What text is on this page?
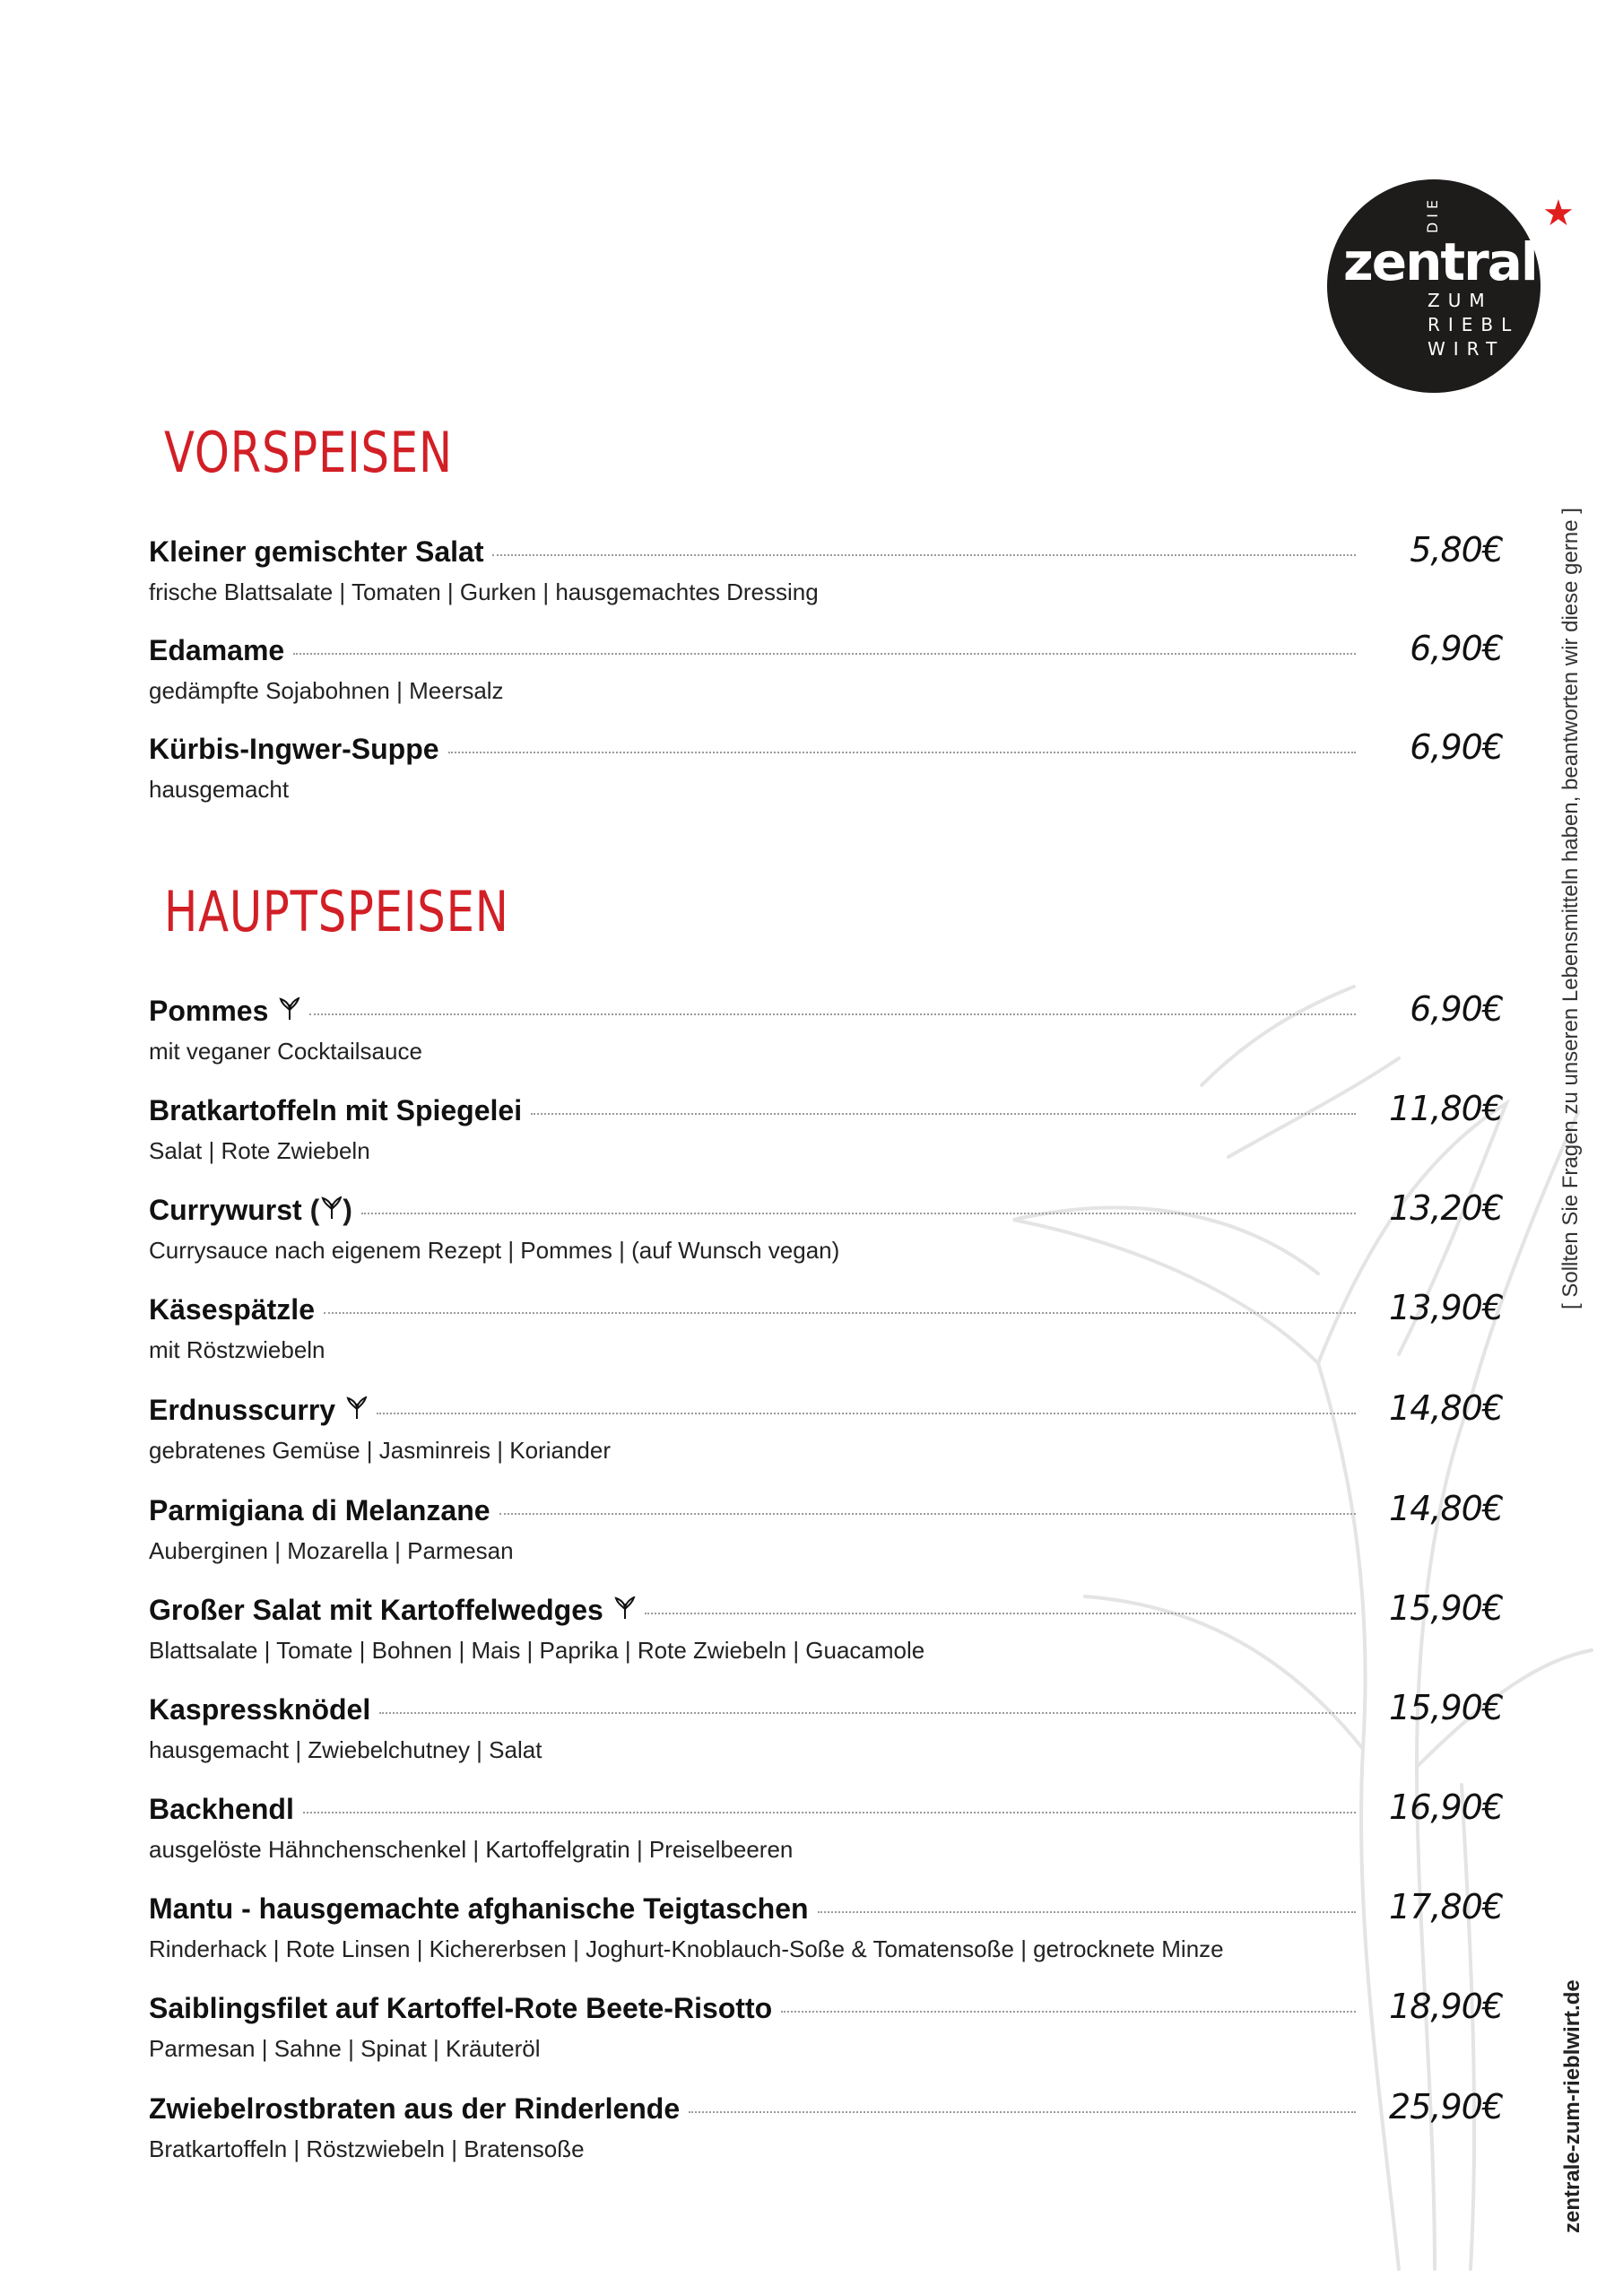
DIE
zentrale
ZUM RIEBL WIRT
★
[ Sollten Sie Fragen zu unseren Lebensmitteln haben, beantworten wir diese gerne ]
zentrale-zum-rieblwirt.de
VORSPEISEN
Kleiner gemischter Salat	5,80€
frische Blattsalate | Tomaten | Gurken | hausgemachtes Dressing
Edamame	6,90€
gedämpfte Sojabohnen | Meersalz
Kürbis-Ingwer-Suppe	6,90€
hausgemacht
HAUPTSPEISEN
Pommes	6,90€
mit veganer Cocktailsauce
Bratkartoffeln mit Spiegelei	11,80€
Salat | Rote Zwiebeln
Currywurst ( )	13,20€
Currysauce nach eigenem Rezept | Pommes | (auf Wunsch vegan)
Käsespätzle	13,90€
mit Röstzwiebeln
Erdnusscurry	14,80€
gebratenes Gemüse | Jasminreis | Koriander
Parmigiana di Melanzane	14,80€
Auberginen | Mozarella | Parmesan
Großer Salat mit Kartoffelwedges	15,90€
Blattsalate | Tomate | Bohnen | Mais | Paprika | Rote Zwiebeln | Guacamole
Kaspressknödel	15,90€
hausgemacht | Zwiebelchutney | Salat
Backhendl	16,90€
ausgelöste Hähnchenschenkel | Kartoffelgratin | Preiselbeeren
Mantu - hausgemachte afghanische Teigtaschen	17,80€
Rinderhack | Rote Linsen | Kichererbsen | Joghurt-Knoblauch-Soße & Tomatensoße | getrocknete Minze
Saiblingsfilet auf Kartoffel-Rote Beete-Risotto	18,90€
Parmesan | Sahne | Spinat | Kräuteröl
Zwiebelrostbraten aus der Rinderlende	25,90€
Bratkartoffeln | Röstzwiebeln | Bratensoße
